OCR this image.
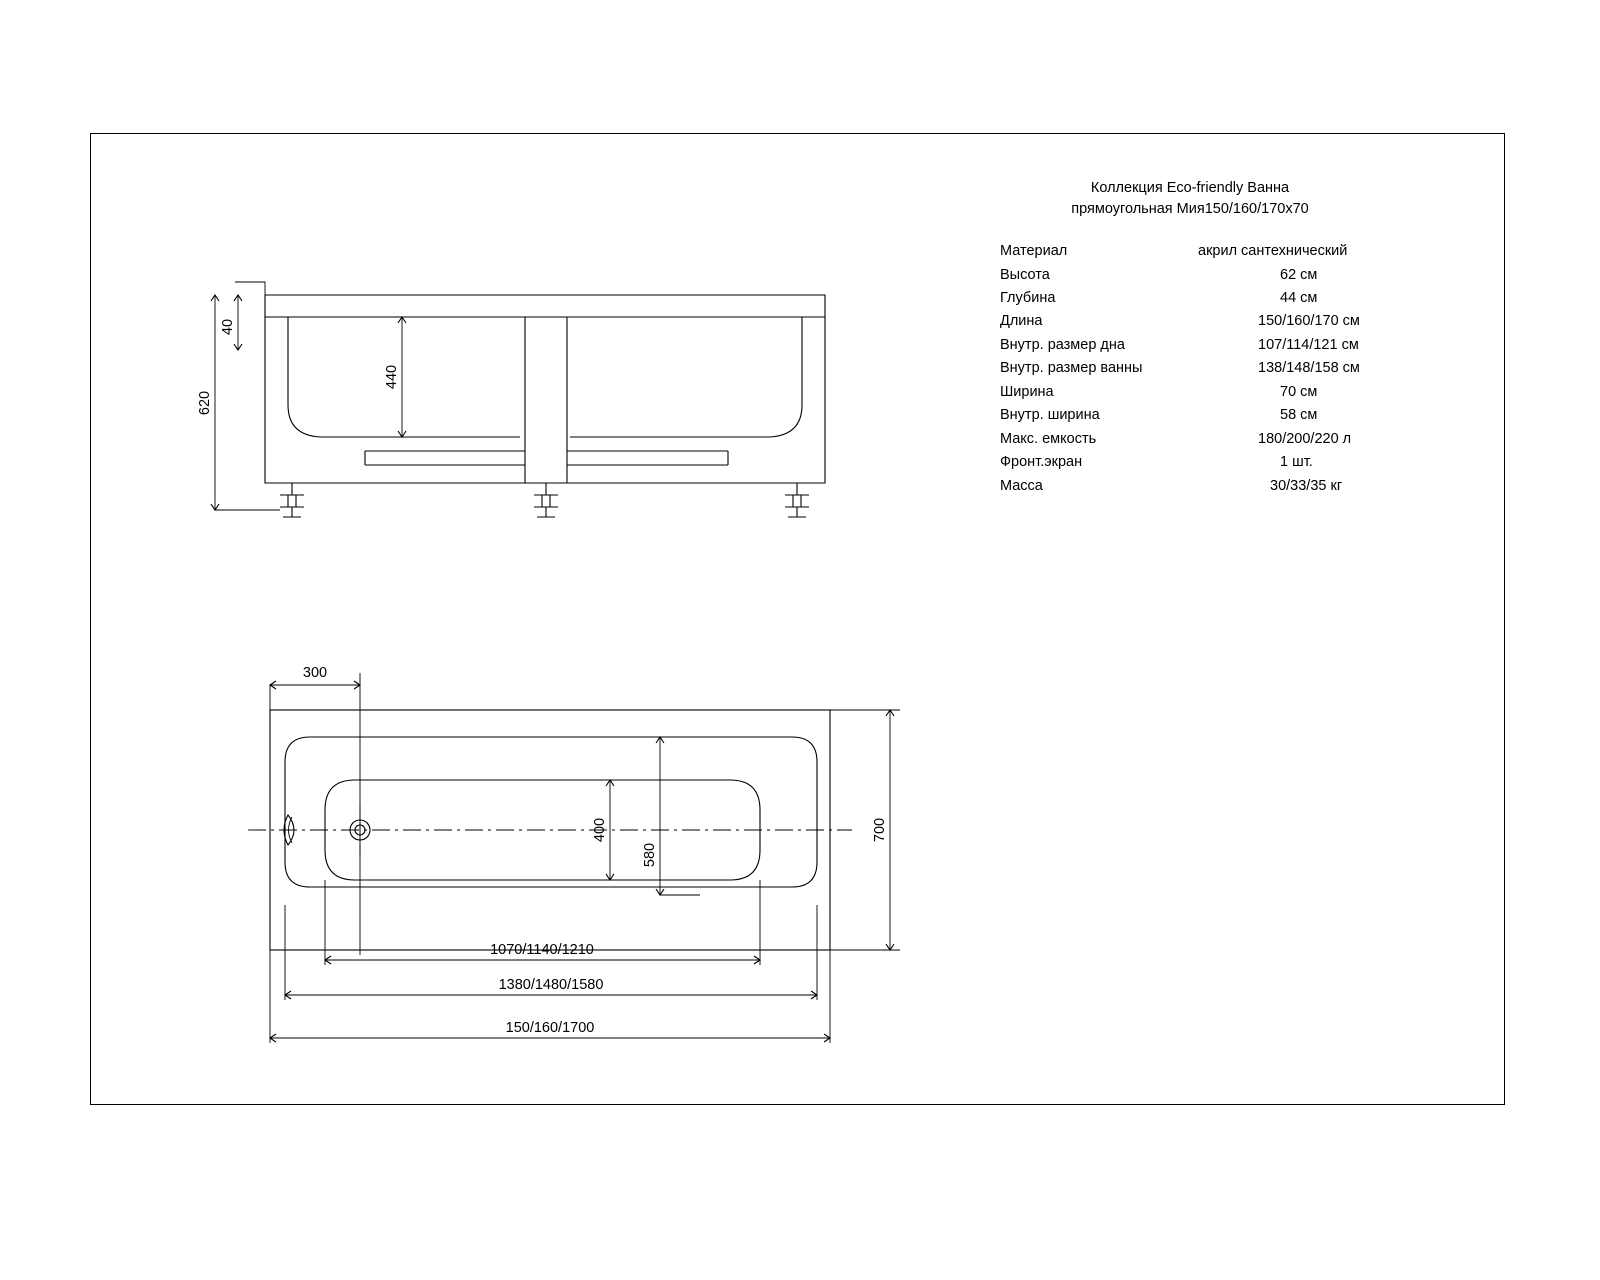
Коллекция Eco-friendly Ванна
прямоугольная Мия150/160/170х70
Материал	акрил сантехнический
Высота	62 см
Глубина	44 см
Длина	150/160/170 см
Внутр. размер дна	107/114/121 см
Внутр. размер ванны	138/148/158 см
Ширина	70 см
Внутр. ширина	58 см
Макс. емкость	180/200/220 л
Фронт.экран	1 шт.
Масса	30/33/35 кг
620
40
440
300
700
400
580
1070/1140/1210
1380/1480/1580
150/160/1700
